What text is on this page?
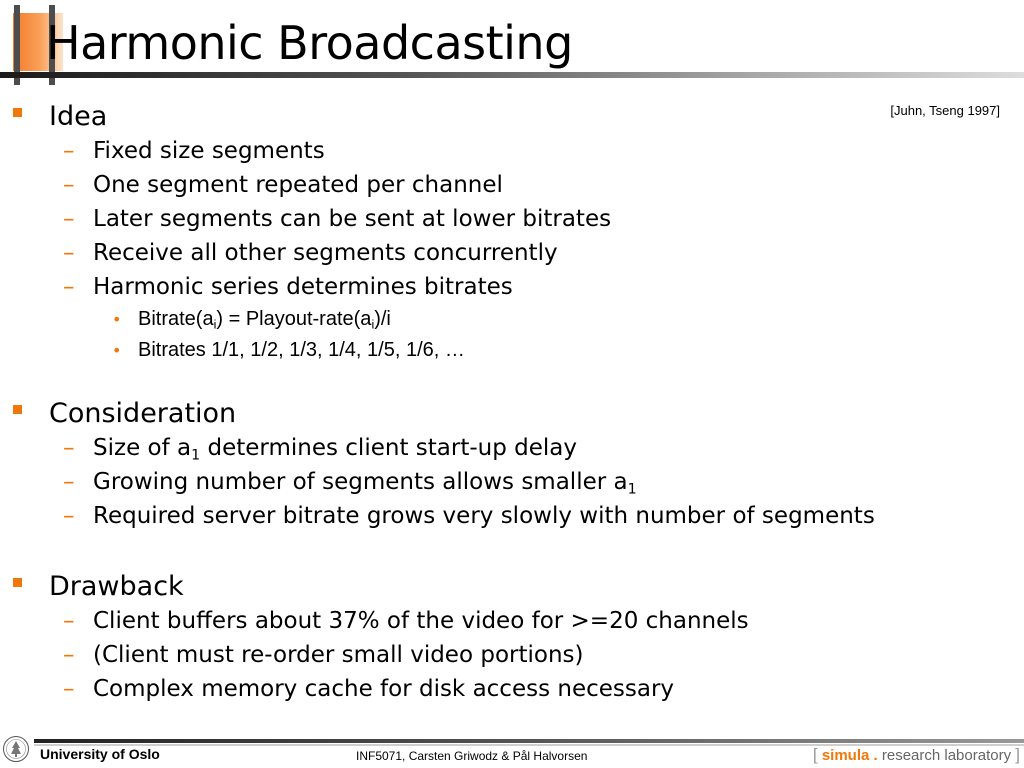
Harmonic Broadcasting
[Juhn, Tseng 1997]
Idea
– Fixed size segments
– One segment repeated per channel
– Later segments can be sent at lower bitrates
– Receive all other segments concurrently
– Harmonic series determines bitrates
• $Bitrate(a_i)$ = Playout-$rate(a_i)/i$
• Bitrates 1/1, 1/2, 1/3, 1/4, 1/5, 1/6, …
Consideration
– Size of $a_1$ determines client start-up delay
– Growing number of segments allows smaller $a_1$
– Required server bitrate grows very slowly with number of segments
Drawback
– Client buffers about 37% of the video for >=20 channels
– (Client must re-order small video portions)
– Complex memory cache for disk access necessary
University of Oslo	INF5071, Carsten Griwodz & Pål Halvorsen	[ simula . research laboratory ]
